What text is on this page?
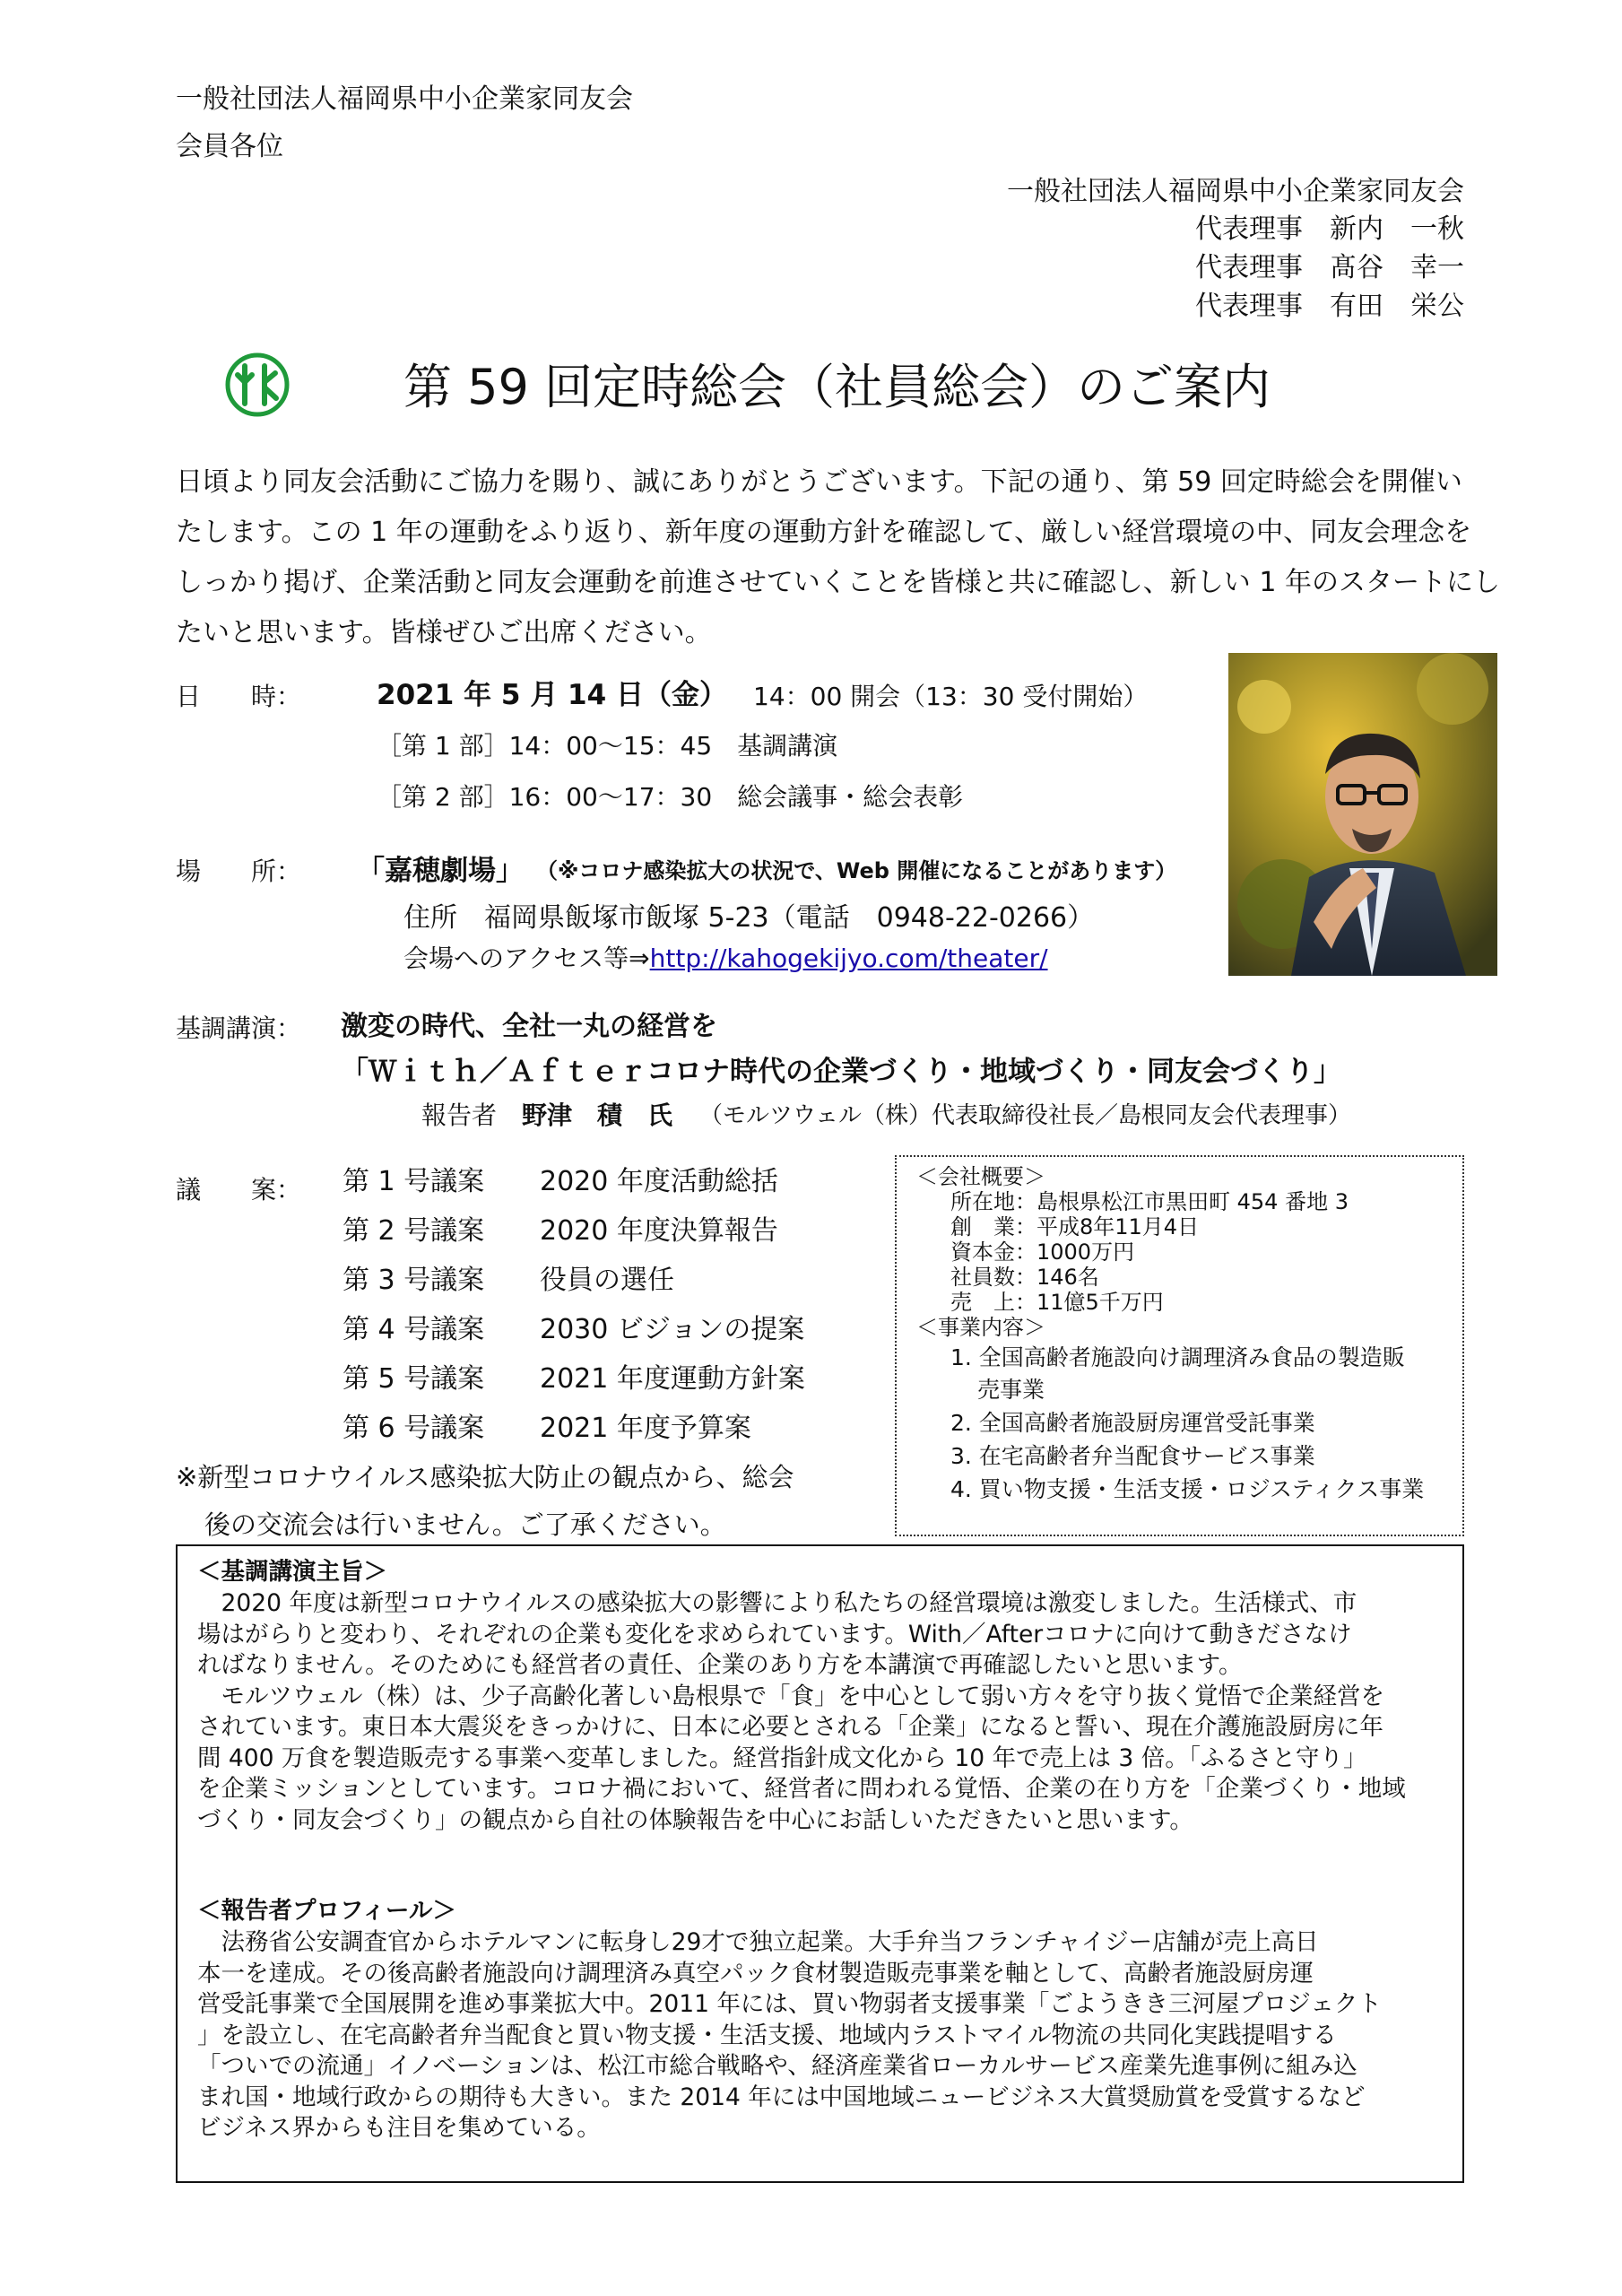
一般社団法人福岡県中小企業家同友会
会員各位
一般社団法人福岡県中小企業家同友会
代表理事　新内　一秋
代表理事　髙谷　幸一
代表理事　有田　栄公
第 59 回定時総会（社員総会）のご案内

日頃より同友会活動にご協力を賜り、誠にありがとうございます。下記の通り、第 59 回定時総会を開催い

たします。この 1 年の運動をふり返り、新年度の運動方針を確認して、厳しい経営環境の中、同友会理念を

しっかり掲げ、企業活動と同友会運動を前進させていくことを皆様と共に確認し、新しい 1 年のスタートにし

たいと思います。皆様ぜひご出席ください。

日　　時：	2021 年 5 月 14 日（金） 14：00 開会（13：30 受付開始）
［第 1 部］14：00～15：45　基調講演
［第 2 部］16：00～17：30　総会議事・総会表彰
場　　所： 「嘉穂劇場」 （※コロナ感染拡大の状況で、Web 開催になることがあります）
住所　福岡県飯塚市飯塚 5-23（電話　0948-22-0266）
会場へのアクセス等⇒http://kahogekijyo.com/theater/
基調講演： 激変の時代、全社一丸の経営を
「Ｗｉｔｈ／Ａｆｔｅｒコロナ時代の企業づくり・地域づくり・同友会づくり」
報告者 野津　積　氏 （モルツウェル（株）代表取締役社長／島根同友会代表理事）
議　　案： 第 1 号議案 2020 年度活動総括
第 2 号議案 2020 年度決算報告
第 3 号議案 役員の選任
第 4 号議案 2030 ビジョンの提案
第 5 号議案 2021 年度運動方針案
第 6 号議案 2021 年度予算案
※新型コロナウイルス感染拡大防止の観点から、総会
後の交流会は行いません。ご了承ください。
＜会社概要＞
所在地：島根県松江市黒田町 454 番地 3
創　業：平成8年11月4日
資本金：1000万円
社員数：146名
売　上：11億5千万円
＜事業内容＞
1. 全国高齢者施設向け調理済み食品の製造販
売事業
2. 全国高齢者施設厨房運営受託事業
3. 在宅高齢者弁当配食サービス事業
4. 買い物支援・生活支援・ロジスティクス事業
＜基調講演主旨＞
　2020 年度は新型コロナウイルスの感染拡大の影響により私たちの経営環境は激変しました。生活様式、市
場はがらりと変わり、それぞれの企業も変化を求められています。With／Afterコロナに向けて動きださなけ
ればなりません。そのためにも経営者の責任、企業のあり方を本講演で再確認したいと思います。
　モルツウェル（株）は、少子高齢化著しい島根県で「食」を中心として弱い方々を守り抜く覚悟で企業経営を
されています。東日本大震災をきっかけに、日本に必要とされる「企業」になると誓い、現在介護施設厨房に年
間 400 万食を製造販売する事業へ変革しました。経営指針成文化から 10 年で売上は 3 倍。「ふるさと守り」
を企業ミッションとしています。コロナ禍において、経営者に問われる覚悟、企業の在り方を「企業づくり・地域
づくり・同友会づくり」の観点から自社の体験報告を中心にお話しいただきたいと思います。
＜報告者プロフィール＞
　法務省公安調査官からホテルマンに転身し29才で独立起業。大手弁当フランチャイジー店舗が売上高日
本一を達成。その後高齢者施設向け調理済み真空パック食材製造販売事業を軸として、高齢者施設厨房運
営受託事業で全国展開を進め事業拡大中。2011 年には、買い物弱者支援事業「ごようきき三河屋プロジェクト
」を設立し、在宅高齢者弁当配食と買い物支援・生活支援、地域内ラストマイル物流の共同化実践提唱する
「ついでの流通」イノベーションは、松江市総合戦略や、経済産業省ローカルサービス産業先進事例に組み込
まれ国・地域行政からの期待も大きい。また 2014 年には中国地域ニュービジネス大賞奨励賞を受賞するなど
ビジネス界からも注目を集めている。
